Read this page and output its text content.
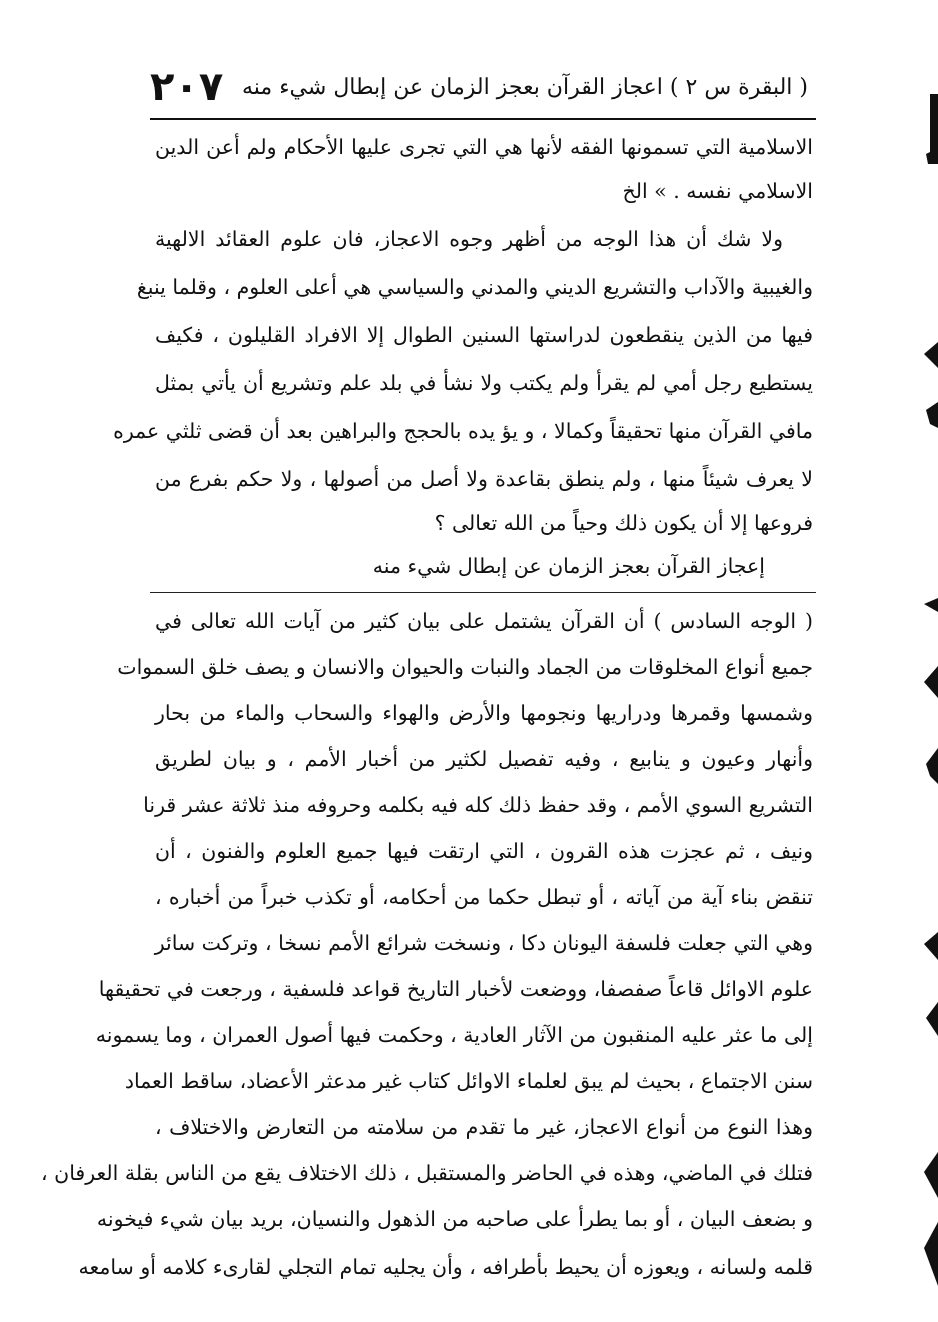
( البقرة س ٢ ) اعجاز القرآن بعجز الزمان عن إبطال شيء منه
٢٠٧
الاسلامية التي تسمونها الفقه لأنها هي التي تجرى عليها الأحكام ولم أعن الدين
الاسلامي نفسه . » الخ
ولا شك أن هذا الوجه من أظهر وجوه الاعجاز، فان علوم العقائد الالهية
والغيبية والآداب والتشريع الديني والمدني والسياسي هي أعلى العلوم ، وقلما ينبغ
فيها من الذين ينقطعون لدراستها السنين الطوال إلا الافراد القليلون ، فكيف
يستطيع رجل أمي لم يقرأ ولم يكتب ولا نشأ في بلد علم وتشريع أن يأتي بمثل
مافي القرآن منها تحقيقاً وكمالا ، و يؤ يده بالحجج والبراهين بعد أن قضى ثلثي عمره
لا يعرف شيئاً منها ، ولم ينطق بقاعدة ولا أصل من أصولها ، ولا حكم بفرع من
فروعها إلا أن يكون ذلك وحياً من الله تعالى ؟
إعجاز القرآن بعجز الزمان عن إبطال شيء منه
( الوجه السادس ) أن القرآن يشتمل على بيان كثير من آيات الله تعالى في
جميع أنواع المخلوقات من الجماد والنبات والحيوان والانسان و يصف خلق السموات
وشمسها وقمرها ودراريها ونجومها والأرض والهواء والسحاب والماء من بحار
وأنهار وعيون و ينابيع ، وفيه تفصيل لكثير من أخبار الأمم ، و بيان لطريق
التشريع السوي الأمم ، وقد حفظ ذلك كله فيه بكلمه وحروفه منذ ثلاثة عشر قرنا
ونيف ، ثم عجزت هذه القرون ، التي ارتقت فيها جميع العلوم والفنون ، أن
تنقض بناء آية من آياته ، أو تبطل حكما من أحكامه، أو تكذب خبراً من أخباره ،
وهي التي جعلت فلسفة اليونان دكا ، ونسخت شرائع الأمم نسخا ، وتركت سائر
علوم الاوائل قاعاً صفصفا، ووضعت لأخبار التاريخ قواعد فلسفية ، ورجعت في تحقيقها
إلى ما عثر عليه المنقبون من الآثار العادية ، وحكمت فيها أصول العمران ، وما يسمونه
سنن الاجتماع ، بحيث لم يبق لعلماء الاوائل كتاب غير مدعثر الأعضاد، ساقط العماد
وهذا النوع من أنواع الاعجاز، غير ما تقدم من سلامته من التعارض والاختلاف ،
فتلك في الماضي، وهذه في الحاضر والمستقبل ، ذلك الاختلاف يقع من الناس بقلة العرفان ،
و بضعف البيان ، أو بما يطرأ على صاحبه من الذهول والنسيان، بريد بيان شيء فيخونه
قلمه ولسانه ، ويعوزه أن يحيط بأطرافه ، وأن يجليه تمام التجلي لقارىء كلامه أو سامعه
